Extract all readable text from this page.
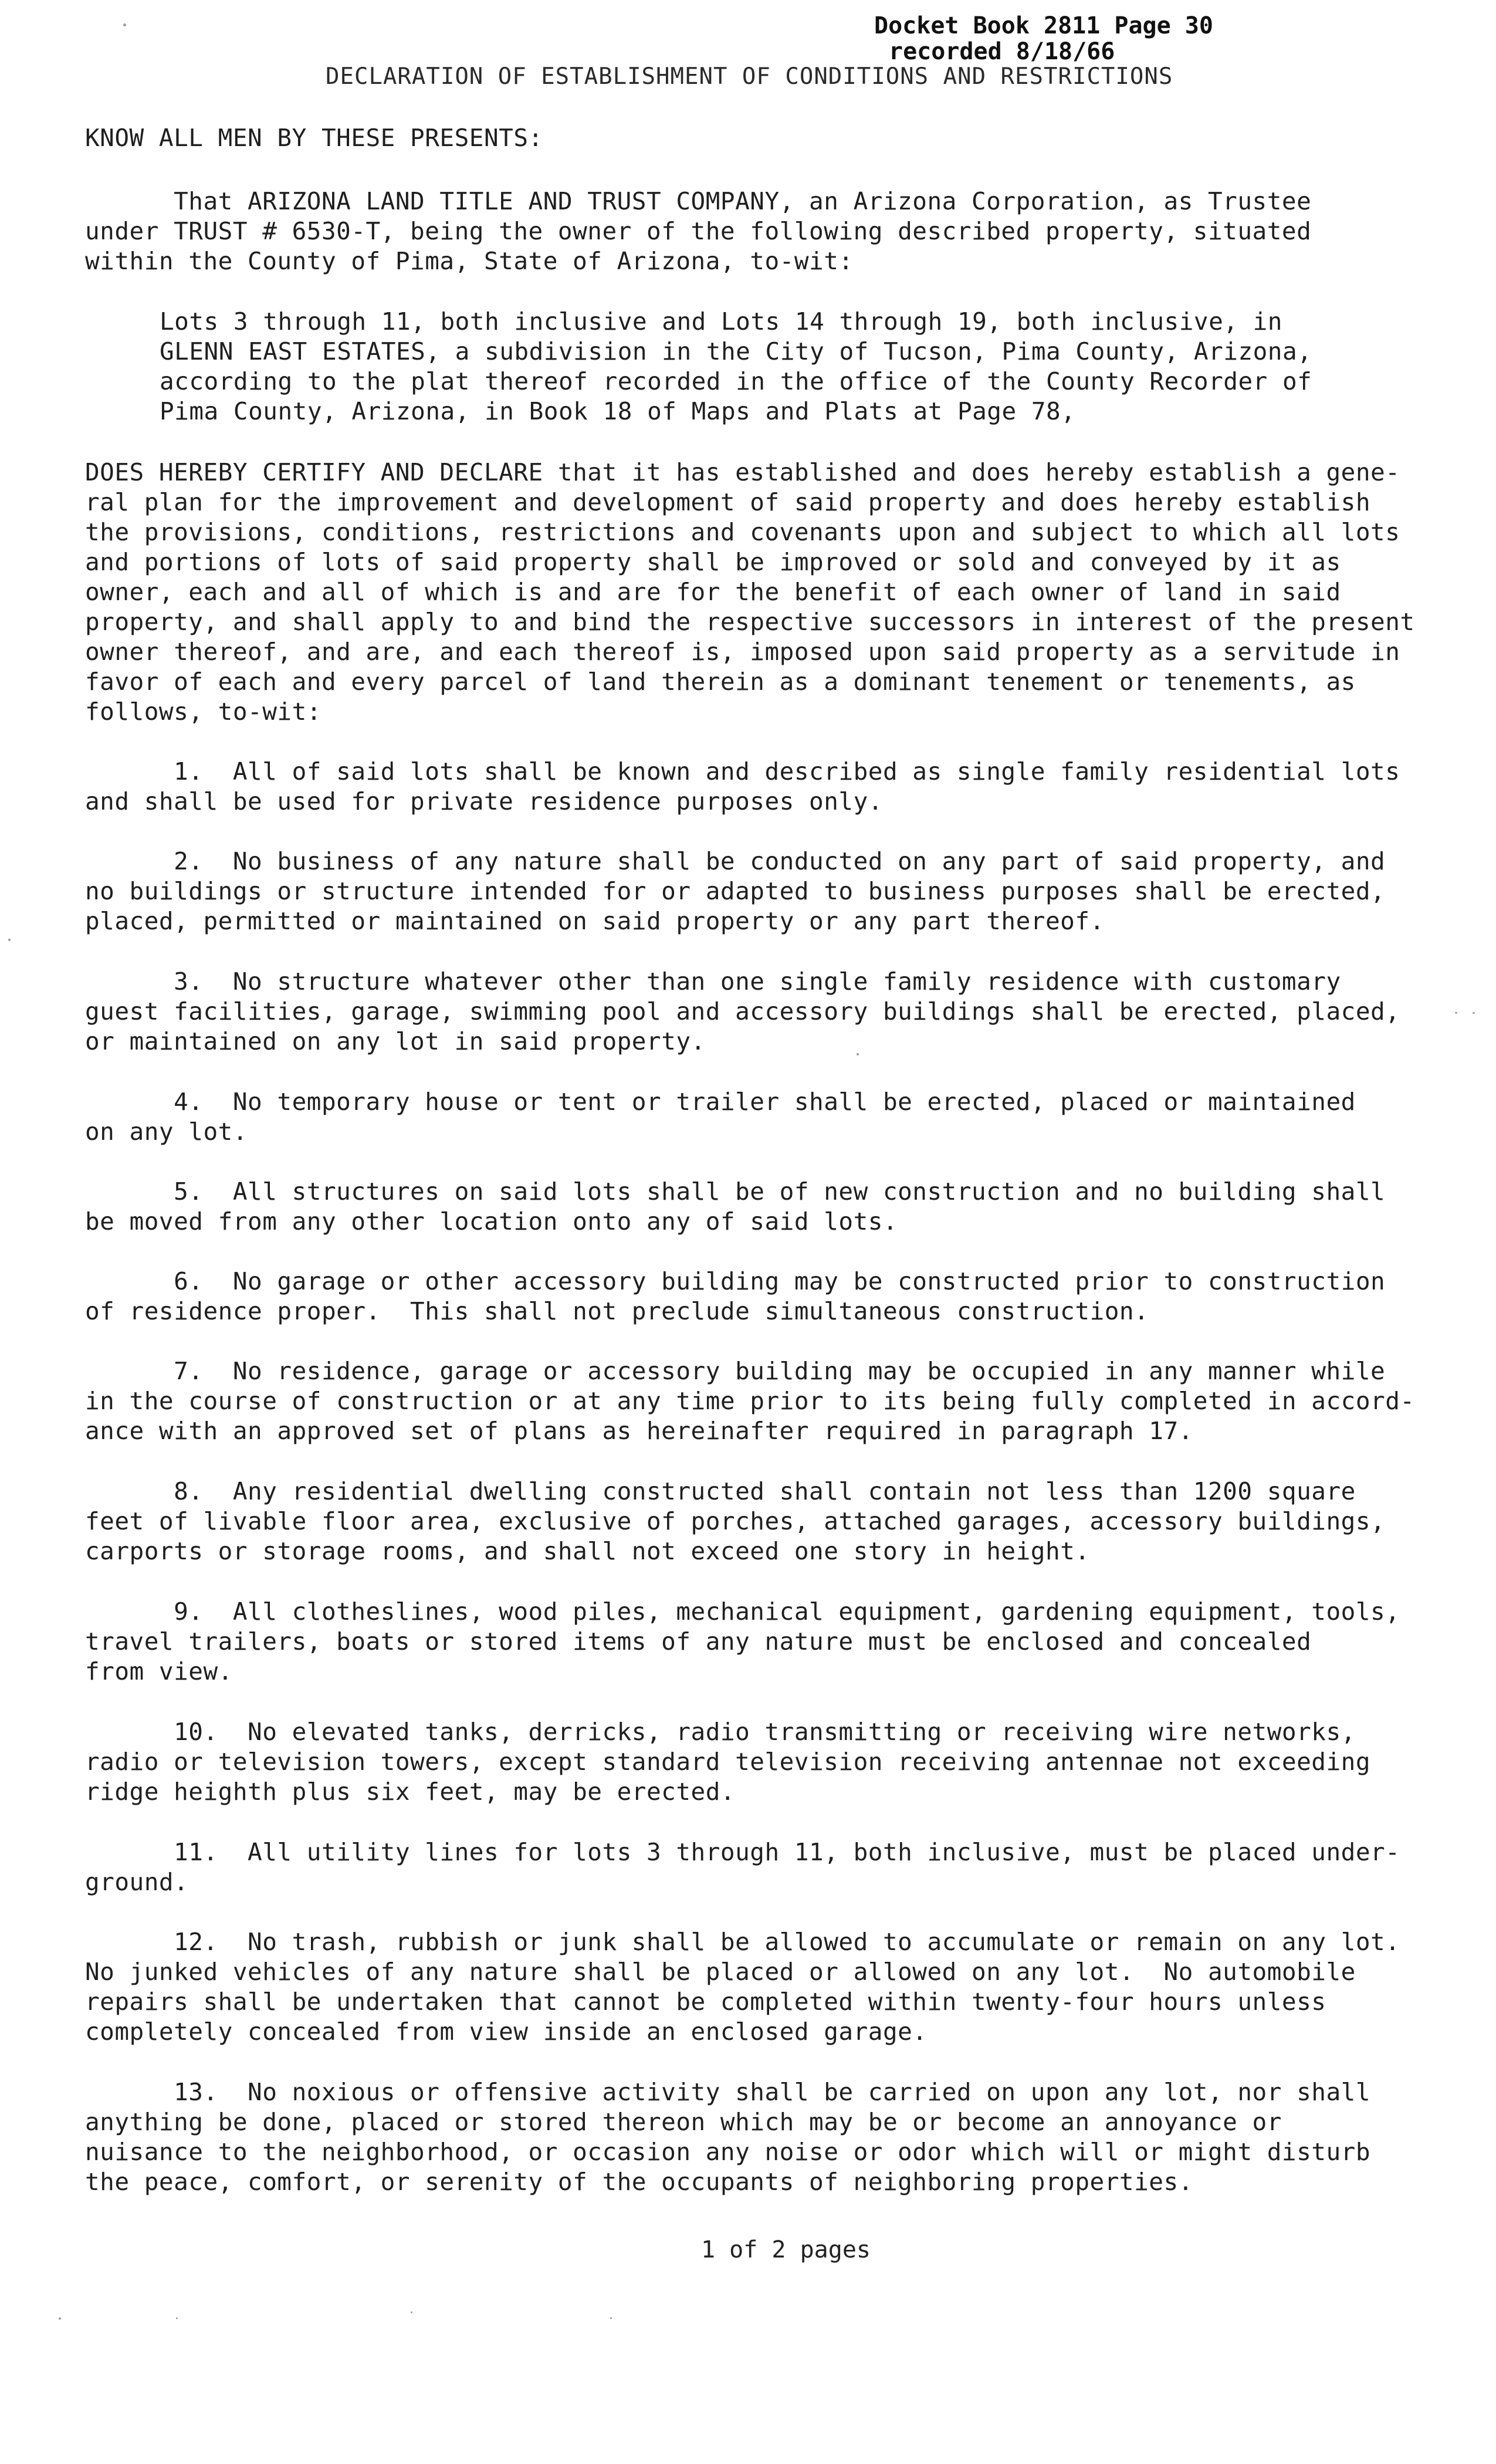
Docket Book 2811 Page 30
recorded 8/18/66
DECLARATION OF ESTABLISHMENT OF CONDITIONS AND RESTRICTIONS
KNOW ALL MEN BY THESE PRESENTS:
That ARIZONA LAND TITLE AND TRUST COMPANY, an Arizona Corporation, as Trustee
under TRUST # 6530-T, being the owner of the following described property, situated
within the County of Pima, State of Arizona, to-wit:
Lots 3 through 11, both inclusive and Lots 14 through 19, both inclusive, in
GLENN EAST ESTATES, a subdivision in the City of Tucson, Pima County, Arizona,
according to the plat thereof recorded in the office of the County Recorder of
Pima County, Arizona, in Book 18 of Maps and Plats at Page 78,
DOES HEREBY CERTIFY AND DECLARE that it has established and does hereby establish a gene-
ral plan for the improvement and development of said property and does hereby establish
the provisions, conditions, restrictions and covenants upon and subject to which all lots
and portions of lots of said property shall be improved or sold and conveyed by it as
owner, each and all of which is and are for the benefit of each owner of land in said
property, and shall apply to and bind the respective successors in interest of the present
owner thereof, and are, and each thereof is, imposed upon said property as a servitude in
favor of each and every parcel of land therein as a dominant tenement or tenements, as
follows, to-wit:
1.  All of said lots shall be known and described as single family residential lots
and shall be used for private residence purposes only.
2.  No business of any nature shall be conducted on any part of said property, and
no buildings or structure intended for or adapted to business purposes shall be erected,
placed, permitted or maintained on said property or any part thereof.
3.  No structure whatever other than one single family residence with customary
guest facilities, garage, swimming pool and accessory buildings shall be erected, placed,
or maintained on any lot in said property.
4.  No temporary house or tent or trailer shall be erected, placed or maintained
on any lot.
5.  All structures on said lots shall be of new construction and no building shall
be moved from any other location onto any of said lots.
6.  No garage or other accessory building may be constructed prior to construction
of residence proper.  This shall not preclude simultaneous construction.
7.  No residence, garage or accessory building may be occupied in any manner while
in the course of construction or at any time prior to its being fully completed in accord-
ance with an approved set of plans as hereinafter required in paragraph 17.
8.  Any residential dwelling constructed shall contain not less than 1200 square
feet of livable floor area, exclusive of porches, attached garages, accessory buildings,
carports or storage rooms, and shall not exceed one story in height.
9.  All clotheslines, wood piles, mechanical equipment, gardening equipment, tools,
travel trailers, boats or stored items of any nature must be enclosed and concealed
from view.
10.  No elevated tanks, derricks, radio transmitting or receiving wire networks,
radio or television towers, except standard television receiving antennae not exceeding
ridge heighth plus six feet, may be erected.
11.  All utility lines for lots 3 through 11, both inclusive, must be placed under-
ground.
12.  No trash, rubbish or junk shall be allowed to accumulate or remain on any lot.
No junked vehicles of any nature shall be placed or allowed on any lot.  No automobile
repairs shall be undertaken that cannot be completed within twenty-four hours unless
completely concealed from view inside an enclosed garage.
13.  No noxious or offensive activity shall be carried on upon any lot, nor shall
anything be done, placed or stored thereon which may be or become an annoyance or
nuisance to the neighborhood, or occasion any noise or odor which will or might disturb
the peace, comfort, or serenity of the occupants of neighboring properties.
1 of 2 pages
